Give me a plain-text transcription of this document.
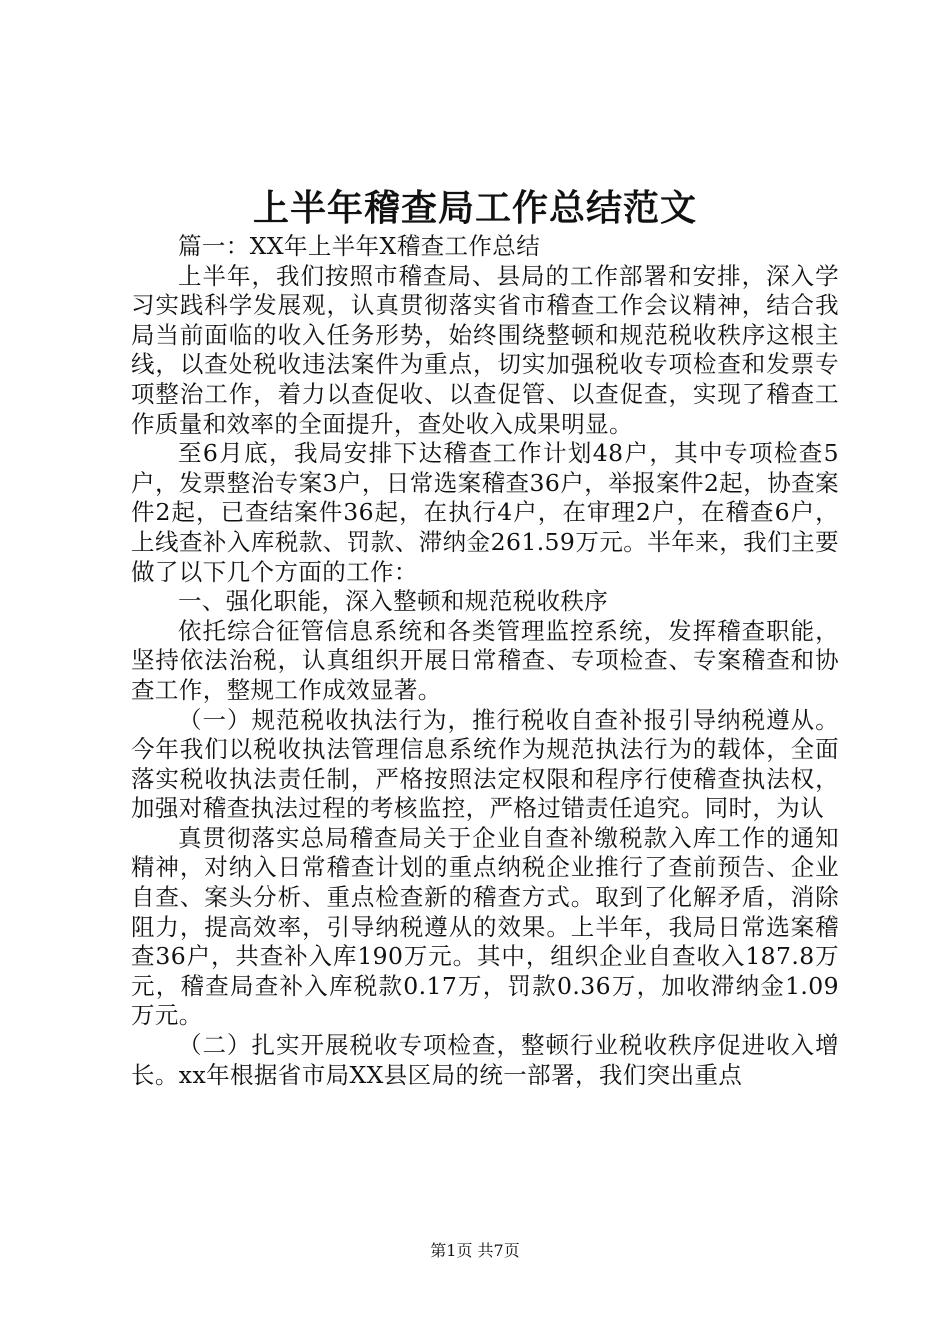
上半年稽查局工作总结范文

篇一：XX年上半年X稽查工作总结

上半年，我们按照市稽查局、县局的工作部署和安排，深入学习实践科学发展观，认真贯彻落实省市稽查工作会议精神，结合我局当前面临的收入任务形势，始终围绕整顿和规范税收秩序这根主线，以查处税收违法案件为重点，切实加强税收专项检查和发票专项整治工作，着力以查促收、以查促管、以查促查，实现了稽查工作质量和效率的全面提升，查处收入成果明显。

至6月底，我局安排下达稽查工作计划48户，其中专项检查5户，发票整治专案3户，日常选案稽查36户，举报案件2起，协查案件2起，已查结案件36起，在执行4户，在审理2户，在稽查6户，上线查补入库税款、罚款、滞纳金261.59万元。半年来，我们主要做了以下几个方面的工作：

一、强化职能，深入整顿和规范税收秩序

依托综合征管信息系统和各类管理监控系统，发挥稽查职能，坚持依法治税，认真组织开展日常稽查、专项检查、专案稽查和协查工作，整规工作成效显著。

（一）规范税收执法行为，推行税收自查补报引导纳税遵从。今年我们以税收执法管理信息系统作为规范执法行为的载体，全面落实税收执法责任制，严格按照法定权限和程序行使稽查执法权，加强对稽查执法过程的考核监控，严格过错责任追究。同时，为认

真贯彻落实总局稽查局关于企业自查补缴税款入库工作的通知精神，对纳入日常稽查计划的重点纳税企业推行了查前预告、企业自查、案头分析、重点检查新的稽查方式。取到了化解矛盾，消除阻力，提高效率，引导纳税遵从的效果。上半年，我局日常选案稽查36户，共查补入库190万元。其中，组织企业自查收入187.8万元，稽查局查补入库税款0.17万，罚款0.36万，加收滞纳金1.09万元。

（二）扎实开展税收专项检查，整顿行业税收秩序促进收入增长。xx年根据省市局XX县区局的统一部署，我们突出重点

第1页 共7页
